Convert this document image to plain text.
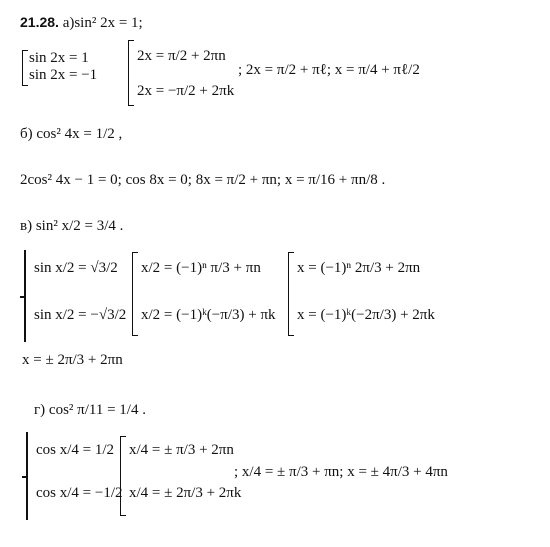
21.28. а)sin² 2x = 1;
sin 2x = 1
sin 2x = −1
2x = π/2 + 2πn
2x = −π/2 + 2πk
; 2x = π/2 + πℓ; x = π/4 + πℓ/2
б) cos² 4x = 1/2 ,
2cos² 4x − 1 = 0; cos 8x = 0; 8x = π/2 + πn; x = π/16 + πn/8 .
в) sin² x/2 = 3/4 .
sin x/2 = √3/2
sin x/2 = −√3/2
x/2 = (−1)ⁿ π/3 + πn
x/2 = (−1)ᵏ(−π/3) + πk
x = (−1)ⁿ 2π/3 + 2πn
x = (−1)ᵏ(−2π/3) + 2πk
x = ± 2π/3 + 2πn
г) cos² π/11 = 1/4 .
cos x/4 = 1/2
cos x/4 = −1/2
x/4 = ± π/3 + 2πn
x/4 = ± 2π/3 + 2πk
; x/4 = ± π/3 + πn; x = ± 4π/3 + 4πn
